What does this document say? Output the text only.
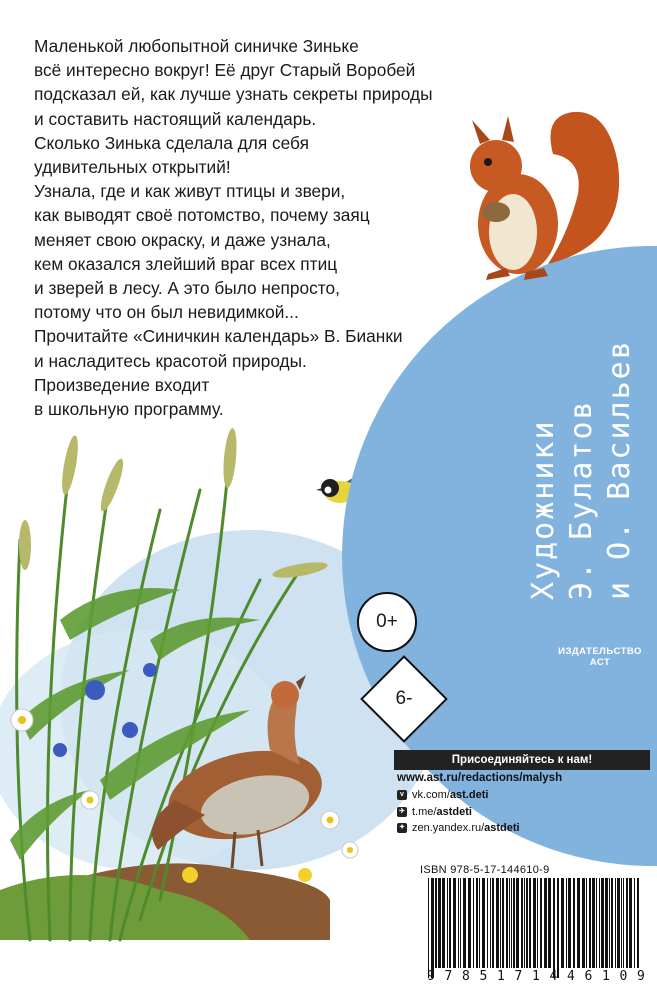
Художники Э. Булатов и О. Васильев
ИЗДАТЕЛЬСТВО
АСТ
Маленькой любопытной синичке Зиньке
всё интересно вокруг! Её друг Старый Воробей
подсказал ей, как лучше узнать секреты природы
и составить настоящий календарь.
Сколько Зинька сделала для себя
удивительных открытий!
Узнала, где и как живут птицы и звери,
как выводят своё потомство, почему заяц
меняет свою окраску, и даже узнала,
кем оказался злейший враг всех птиц
и зверей в лесу. А это было непросто,
потому что он был невидимкой...
Прочитайте «Синичкин календарь» В. Бианки
и насладитесь красотой природы.
Произведение входит
в школьную программу.
0+
6-
Присоединяйтесь к нам!
www.ast.ru/redactions/malysh
v vk.com/ ast.deti
✈ t.me/ astdeti
✦ zen.yandex.ru/ astdeti
ISBN 978-5-17-144610-9
9 7 8 5 1 7 1 4 4 6 1 0 9
